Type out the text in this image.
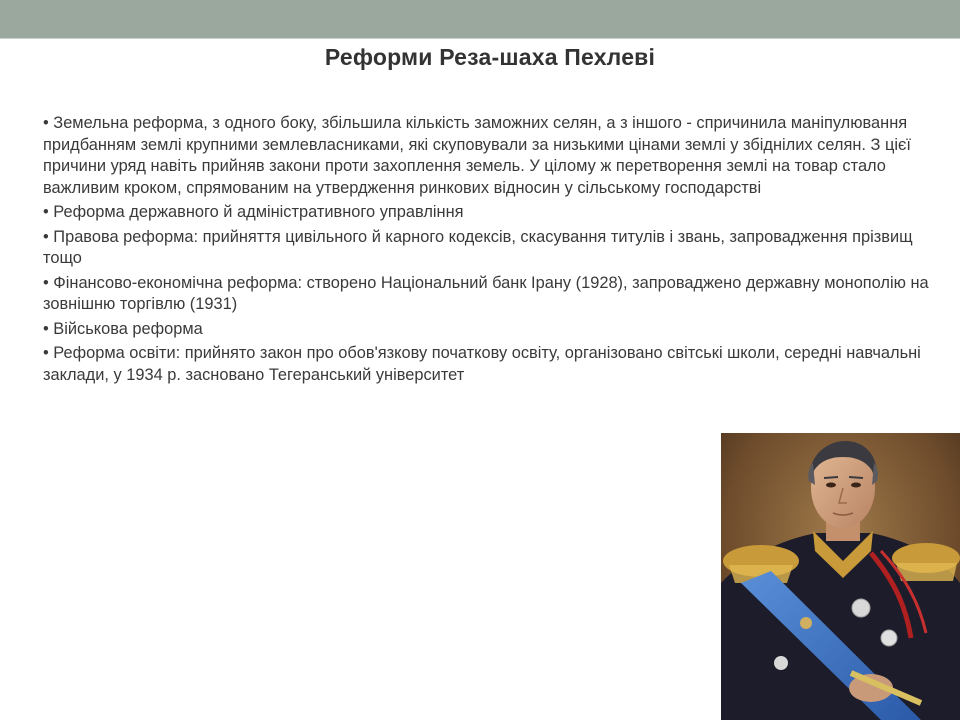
Реформи Реза-шаха Пехлеві
• Земельна реформа, з одного боку, збільшила кількість заможних селян, а з іншого - спричинила маніпулювання придбанням землі крупними землевласниками, які скуповували за низькими цінами землі у збіднілих селян. З цієї причини уряд навіть прийняв закони проти захоплення земель. У цілому ж перетворення землі на товар стало важливим кроком, спрямованим на утвердження ринкових відносин у сільському господарстві
• Реформа державного й адміністративного управління
• Правова реформа: прийняття цивільного й карного кодексів, скасування титулів і звань, запровадження прізвищ тощо
• Фінансово-економічна реформа: створено Національний банк Ірану (1928), запроваджено державну монополію на зовнішню торгівлю (1931)
• Військова реформа
• Реформа освіти: прийнято закон про обов'язкову початкову освіту, організовано світські школи, середні навчальні заклади, у 1934 р. засновано Тегеранський університет
